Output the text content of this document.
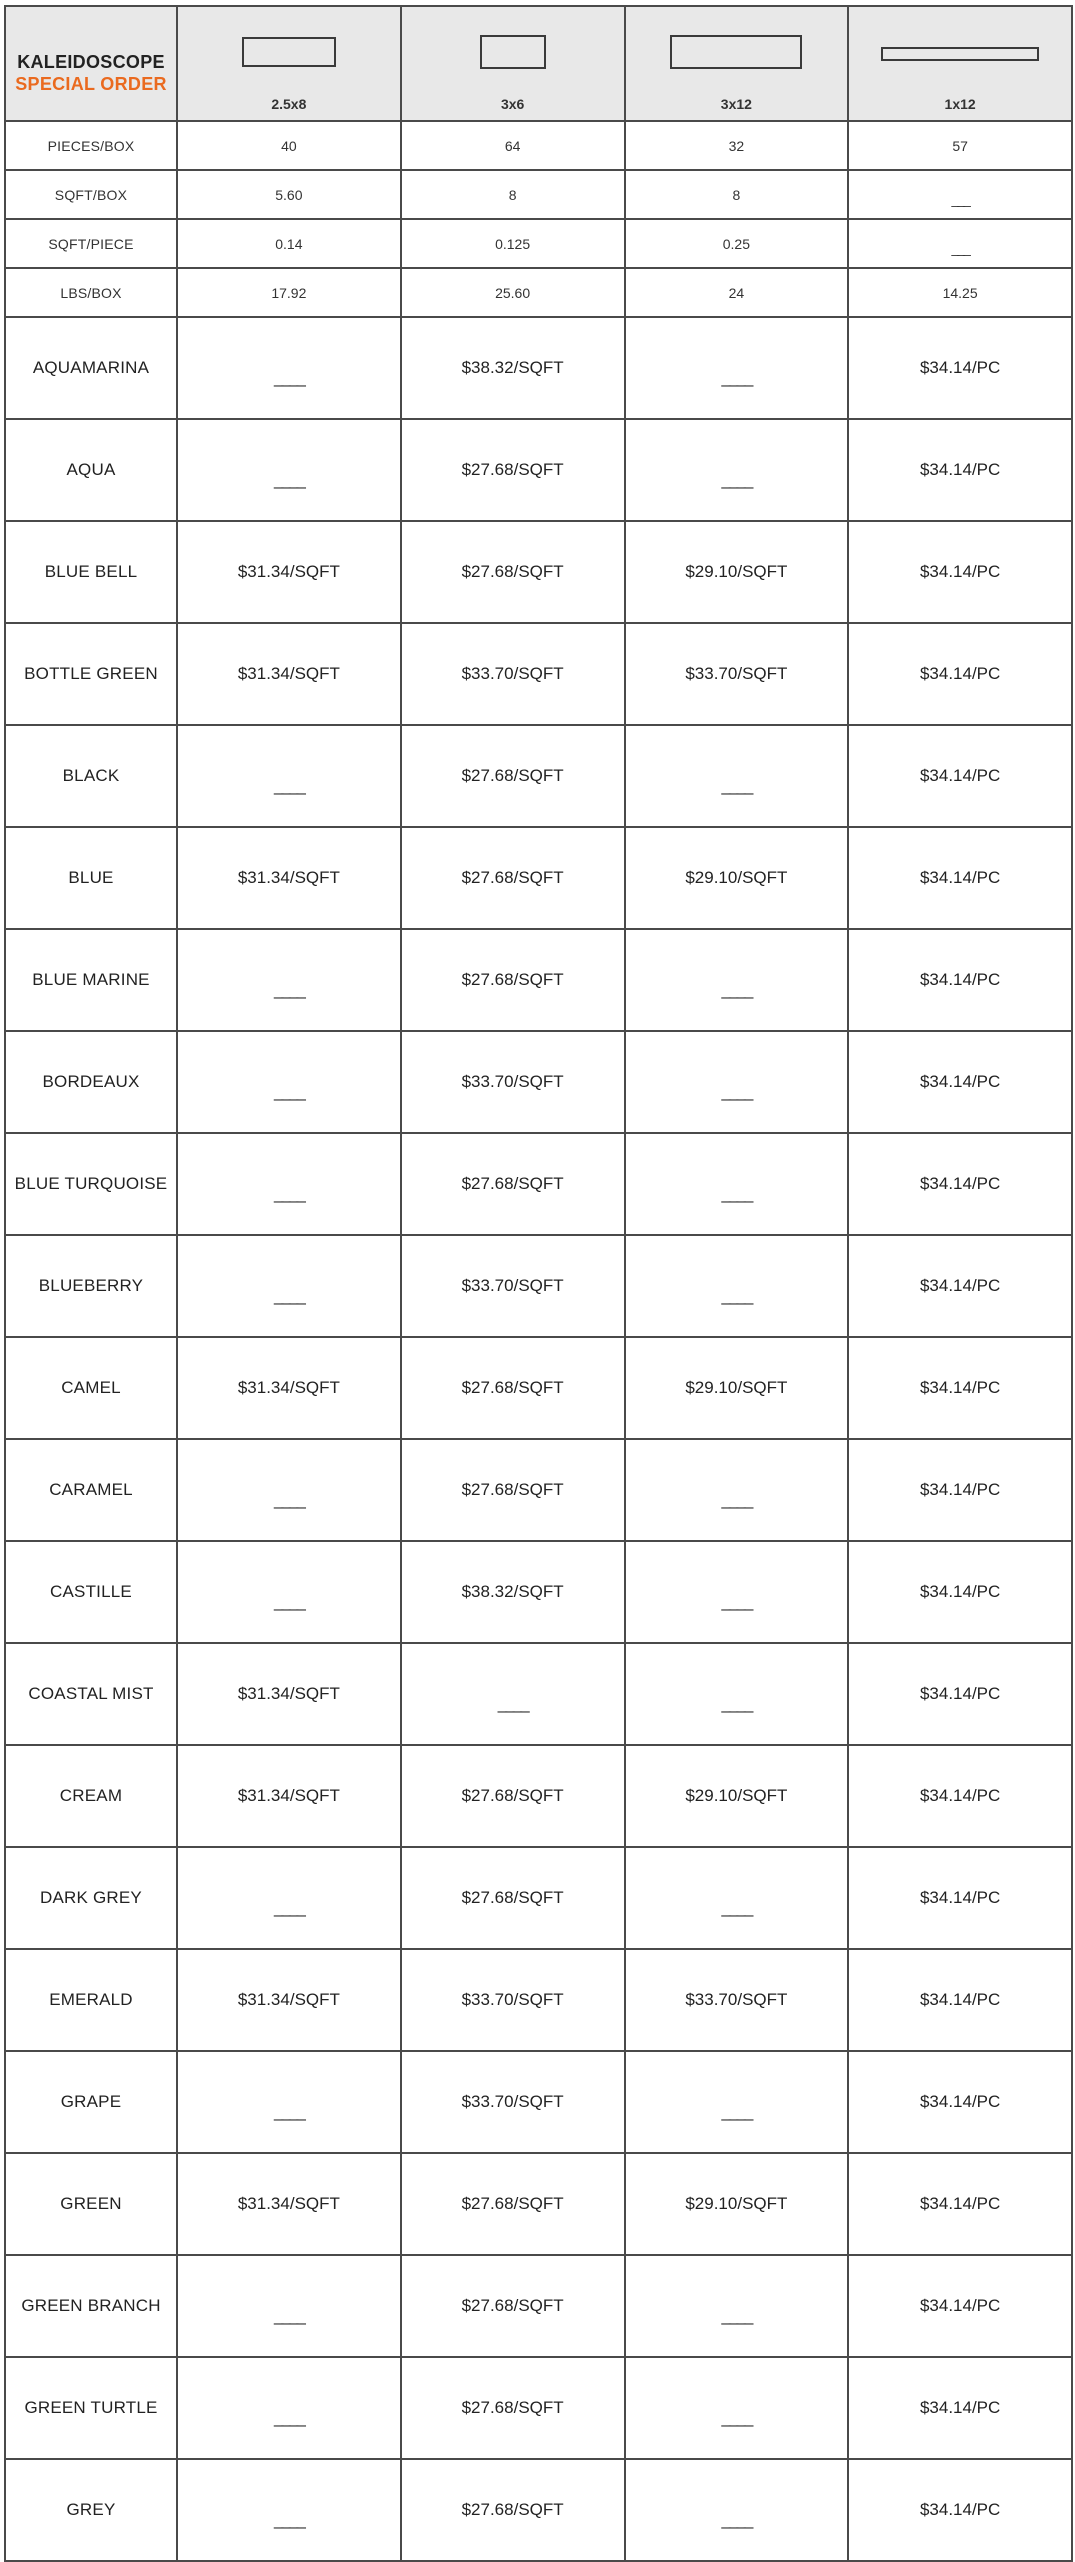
KALEIDOSCOPE
SPECIAL ORDER	2.5x8	3x6	3x12	1x12

PIECES/BOX	40	64	32	57
SQFT/BOX	5.60	8	8	___
SQFT/PIECE	0.14	0.125	0.25	___
LBS/BOX	17.92	25.60	24	14.25
AQUAMARINA	____	$38.32/SQFT	____	$34.14/PC
AQUA	____	$27.68/SQFT	____	$34.14/PC
BLUE BELL	$31.34/SQFT	$27.68/SQFT	$29.10/SQFT	$34.14/PC
BOTTLE GREEN	$31.34/SQFT	$33.70/SQFT	$33.70/SQFT	$34.14/PC
BLACK	____	$27.68/SQFT	____	$34.14/PC
BLUE	$31.34/SQFT	$27.68/SQFT	$29.10/SQFT	$34.14/PC
BLUE MARINE	____	$27.68/SQFT	____	$34.14/PC
BORDEAUX	____	$33.70/SQFT	____	$34.14/PC
BLUE TURQUOISE	____	$27.68/SQFT	____	$34.14/PC
BLUEBERRY	____	$33.70/SQFT	____	$34.14/PC
CAMEL	$31.34/SQFT	$27.68/SQFT	$29.10/SQFT	$34.14/PC
CARAMEL	____	$27.68/SQFT	____	$34.14/PC
CASTILLE	____	$38.32/SQFT	____	$34.14/PC
COASTAL MIST	$31.34/SQFT	____	____	$34.14/PC
CREAM	$31.34/SQFT	$27.68/SQFT	$29.10/SQFT	$34.14/PC
DARK GREY	____	$27.68/SQFT	____	$34.14/PC
EMERALD	$31.34/SQFT	$33.70/SQFT	$33.70/SQFT	$34.14/PC
GRAPE	____	$33.70/SQFT	____	$34.14/PC
GREEN	$31.34/SQFT	$27.68/SQFT	$29.10/SQFT	$34.14/PC
GREEN BRANCH	____	$27.68/SQFT	____	$34.14/PC
GREEN TURTLE	____	$27.68/SQFT	____	$34.14/PC
GREY	____	$27.68/SQFT	____	$34.14/PC
